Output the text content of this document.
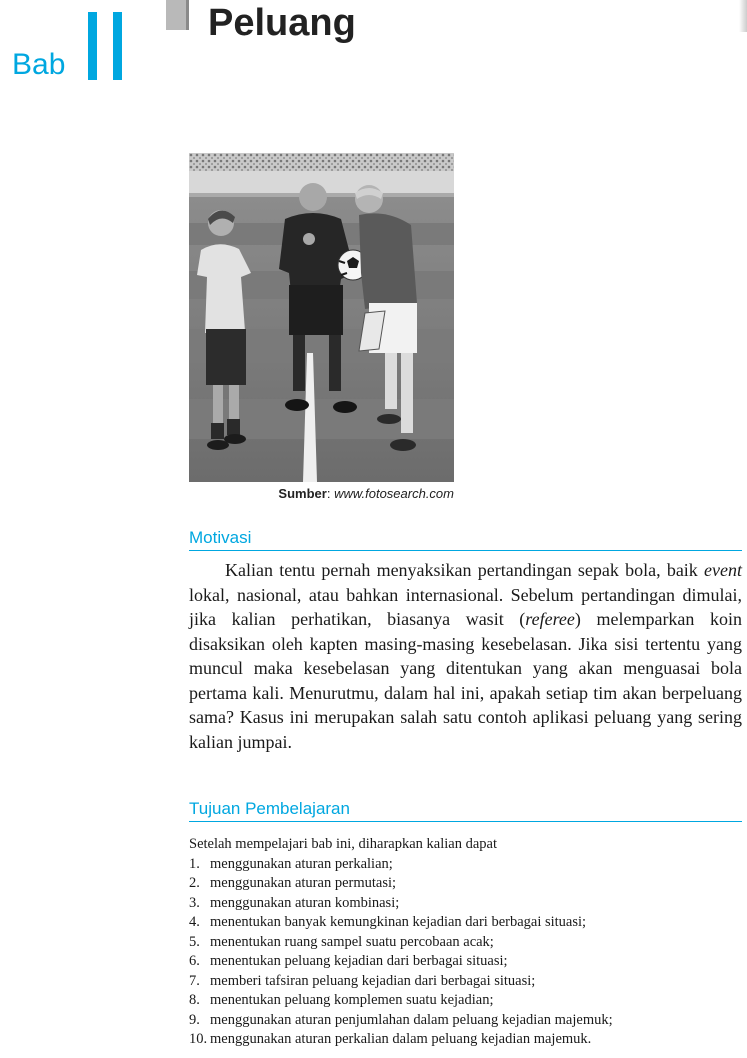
Bab
Peluang
Sumber: www.fotosearch.com
Motivasi

Kalian tentu pernah menyaksikan pertandingan sepak bola, baik event lokal, nasional, atau bahkan internasional. Sebelum pertandingan dimulai, jika kalian perhatikan, biasanya wasit (referee) melemparkan koin disaksikan oleh kapten masing-masing kesebelasan. Jika sisi tertentu yang muncul maka kesebelasan yang ditentukan yang akan menguasai bola pertama kali. Menurutmu, dalam hal ini, apakah setiap tim akan berpeluang sama? Kasus ini merupakan salah satu contoh aplikasi peluang yang sering kalian jumpai.

Tujuan Pembelajaran

Setelah mempelajari bab ini, diharapkan kalian dapat

1. menggunakan aturan perkalian;
2. menggunakan aturan permutasi;
3. menggunakan aturan kombinasi;
4. menentukan banyak kemungkinan kejadian dari berbagai situasi;
5. menentukan ruang sampel suatu percobaan acak;
6. menentukan peluang kejadian dari berbagai situasi;
7. memberi tafsiran peluang kejadian dari berbagai situasi;
8. menentukan peluang komplemen suatu kejadian;
9. menggunakan aturan penjumlahan dalam peluang kejadian majemuk;
10. menggunakan aturan perkalian dalam peluang kejadian majemuk.
